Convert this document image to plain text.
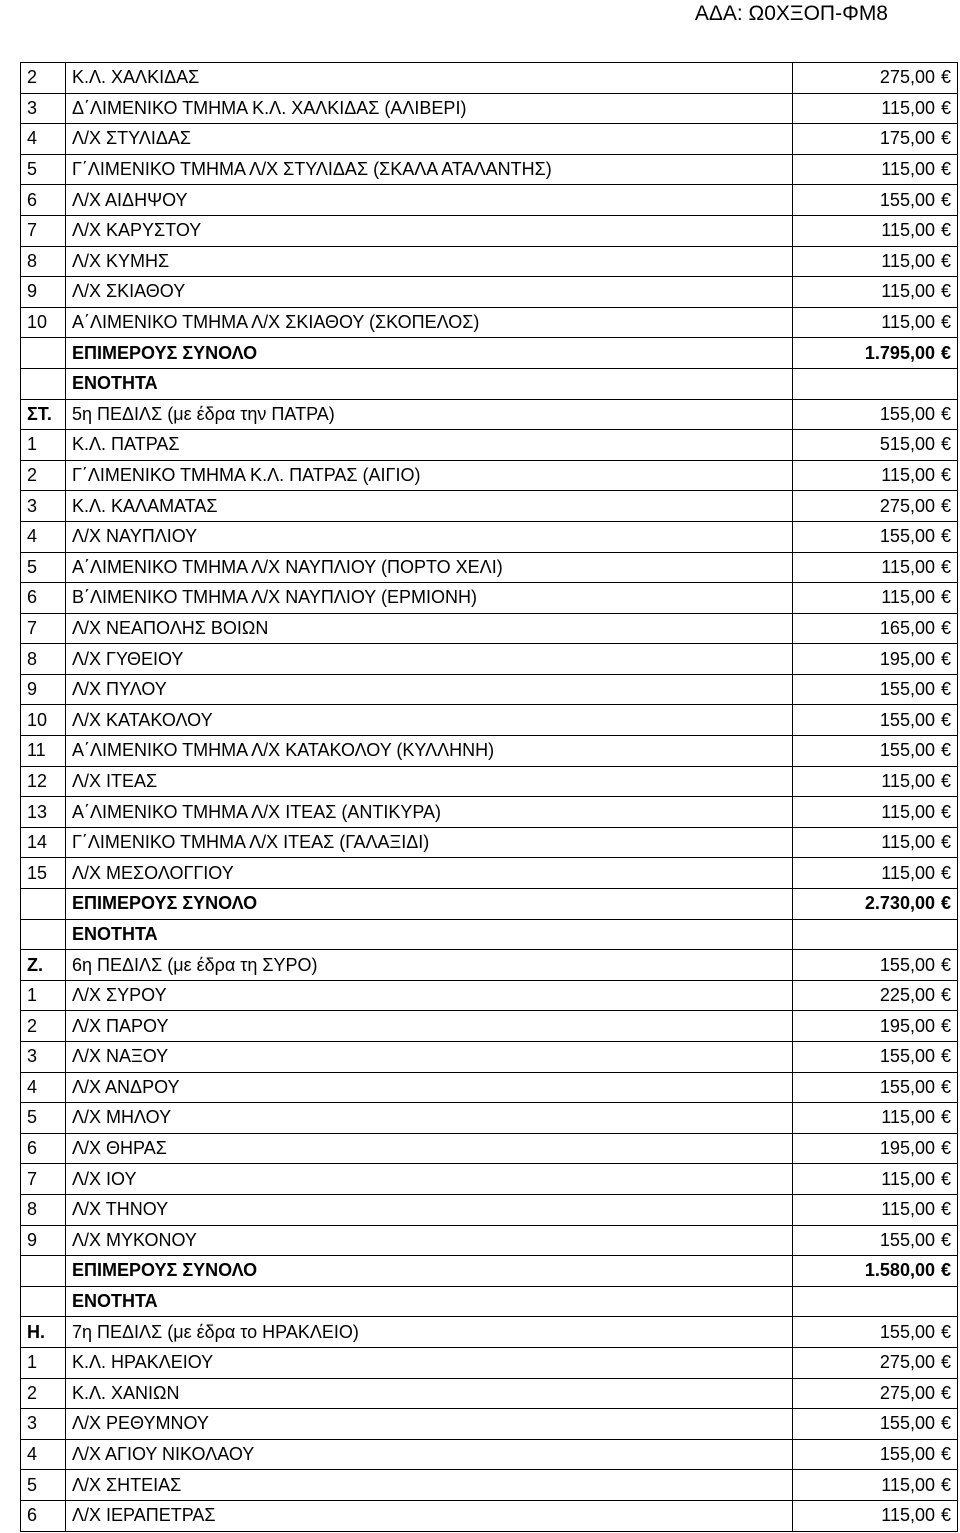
ΑΔΑ: Ω0ΧΞΟΠ-ΦΜ8
2	Κ.Λ. ΧΑΛΚΙΔΑΣ	275,00 €
3	Δ΄ΛΙΜΕΝΙΚΟ ΤΜΗΜΑ Κ.Λ. ΧΑΛΚΙΔΑΣ (ΑΛΙΒΕΡΙ)	115,00 €
4	Λ/Χ ΣΤΥΛΙΔΑΣ	175,00 €
5	Γ΄ΛΙΜΕΝΙΚΟ ΤΜΗΜΑ Λ/Χ ΣΤΥΛΙΔΑΣ (ΣΚΑΛΑ ΑΤΑΛΑΝΤΗΣ)	115,00 €
6	Λ/Χ ΑΙΔΗΨΟΥ	155,00 €
7	Λ/Χ ΚΑΡΥΣΤΟΥ	115,00 €
8	Λ/Χ ΚΥΜΗΣ	115,00 €
9	Λ/Χ ΣΚΙΑΘΟΥ	115,00 €
10	Α΄ΛΙΜΕΝΙΚΟ ΤΜΗΜΑ Λ/Χ ΣΚΙΑΘΟΥ (ΣΚΟΠΕΛΟΣ)	115,00 €
	ΕΠΙΜΕΡΟΥΣ ΣΥΝΟΛΟ	1.795,00 €
	ΕΝΟΤΗΤΑ	
ΣΤ.	5η ΠΕΔΙΛΣ (με έδρα την ΠΑΤΡΑ)	155,00 €
1	Κ.Λ. ΠΑΤΡΑΣ	515,00 €
2	Γ΄ΛΙΜΕΝΙΚΟ ΤΜΗΜΑ Κ.Λ. ΠΑΤΡΑΣ (ΑΙΓΙΟ)	115,00 €
3	Κ.Λ. ΚΑΛΑΜΑΤΑΣ	275,00 €
4	Λ/Χ ΝΑΥΠΛΙΟΥ	155,00 €
5	Α΄ΛΙΜΕΝΙΚΟ ΤΜΗΜΑ Λ/Χ ΝΑΥΠΛΙΟΥ (ΠΟΡΤΟ ΧΕΛΙ)	115,00 €
6	Β΄ΛΙΜΕΝΙΚΟ ΤΜΗΜΑ Λ/Χ ΝΑΥΠΛΙΟΥ (ΕΡΜΙΟΝΗ)	115,00 €
7	Λ/Χ ΝΕΑΠΟΛΗΣ ΒΟΙΩΝ	165,00 €
8	Λ/Χ ΓΥΘΕΙΟΥ	195,00 €
9	Λ/Χ ΠΥΛΟΥ	155,00 €
10	Λ/Χ ΚΑΤΑΚΟΛΟΥ	155,00 €
11	Α΄ΛΙΜΕΝΙΚΟ ΤΜΗΜΑ Λ/Χ ΚΑΤΑΚΟΛΟΥ (ΚΥΛΛΗΝΗ)	155,00 €
12	Λ/Χ ΙΤΕΑΣ	115,00 €
13	Α΄ΛΙΜΕΝΙΚΟ ΤΜΗΜΑ Λ/Χ ΙΤΕΑΣ (ΑΝΤΙΚΥΡΑ)	115,00 €
14	Γ΄ΛΙΜΕΝΙΚΟ ΤΜΗΜΑ Λ/Χ ΙΤΕΑΣ (ΓΑΛΑΞΙΔΙ)	115,00 €
15	Λ/Χ ΜΕΣΟΛΟΓΓΙΟΥ	115,00 €
	ΕΠΙΜΕΡΟΥΣ ΣΥΝΟΛΟ	2.730,00 €
	ΕΝΟΤΗΤΑ	
Ζ.	6η ΠΕΔΙΛΣ (με έδρα τη ΣΥΡΟ)	155,00 €
1	Λ/Χ ΣΥΡΟΥ	225,00 €
2	Λ/Χ ΠΑΡΟΥ	195,00 €
3	Λ/Χ ΝΑΞΟΥ	155,00 €
4	Λ/Χ ΑΝΔΡΟΥ	155,00 €
5	Λ/Χ ΜΗΛΟΥ	115,00 €
6	Λ/Χ ΘΗΡΑΣ	195,00 €
7	Λ/Χ ΙΟΥ	115,00 €
8	Λ/Χ ΤΗΝΟΥ	115,00 €
9	Λ/Χ ΜΥΚΟΝΟΥ	155,00 €
	ΕΠΙΜΕΡΟΥΣ ΣΥΝΟΛΟ	1.580,00 €
	ΕΝΟΤΗΤΑ	
Η.	7η ΠΕΔΙΛΣ (με έδρα το ΗΡΑΚΛΕΙΟ)	155,00 €
1	Κ.Λ. ΗΡΑΚΛΕΙΟΥ	275,00 €
2	Κ.Λ. ΧΑΝΙΩΝ	275,00 €
3	Λ/Χ ΡΕΘΥΜΝΟΥ	155,00 €
4	Λ/Χ ΑΓΙΟΥ ΝΙΚΟΛΑΟΥ	155,00 €
5	Λ/Χ ΣΗΤΕΙΑΣ	115,00 €
6	Λ/Χ ΙΕΡΑΠΕΤΡΑΣ	115,00 €
